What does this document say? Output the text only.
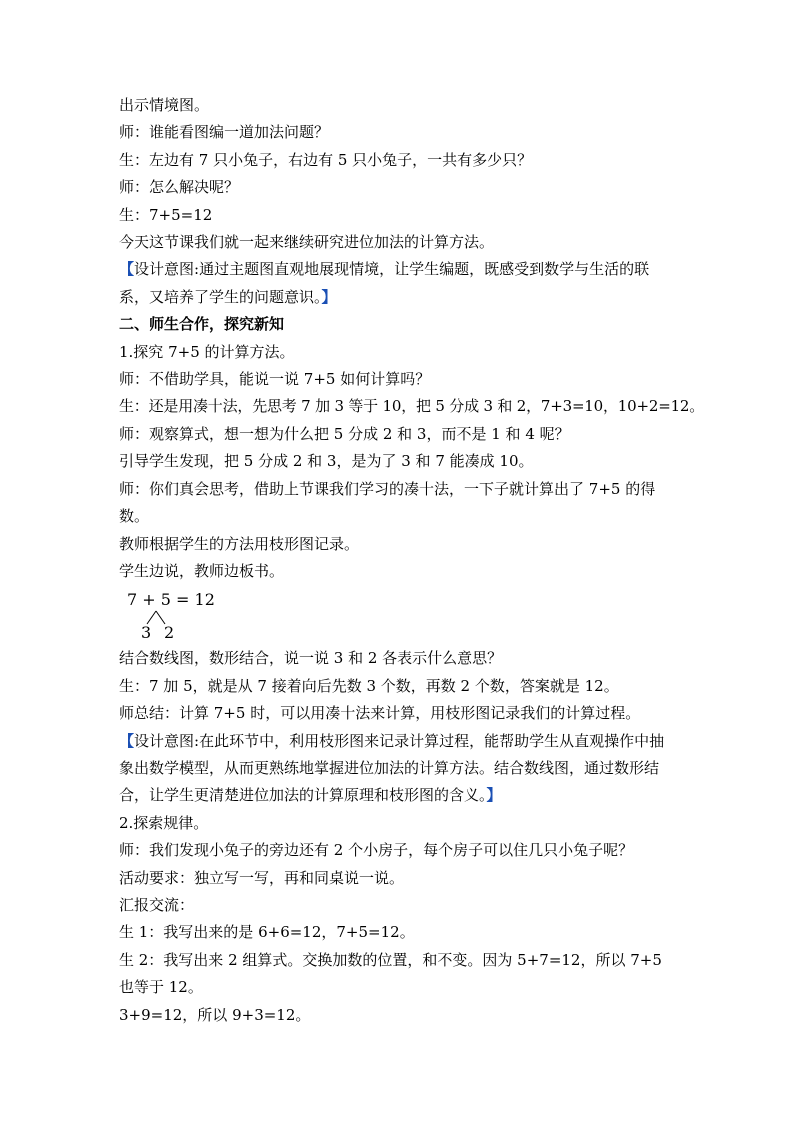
出示情境图。
师：谁能看图编一道加法问题？
生：左边有 7 只小兔子，右边有 5 只小兔子，一共有多少只？
师：怎么解决呢？
生：7+5=12
今天这节课我们就一起来继续研究进位加法的计算方法。
【设计意图:通过主题图直观地展现情境，让学生编题，既感受到数学与生活的联系，又培养了学生的问题意识。】
二、师生合作，探究新知
1.探究 7+5 的计算方法。
师：不借助学具，能说一说 7+5 如何计算吗？
生：还是用凑十法，先思考 7 加 3 等于 10，把 5 分成 3 和 2，7+3=10，10+2=12。
师：观察算式，想一想为什么把 5 分成 2 和 3，而不是 1 和 4 呢？
引导学生发现，把 5 分成 2 和 3，是为了 3 和 7 能凑成 10。
师：你们真会思考，借助上节课我们学习的凑十法，一下子就计算出了 7+5 的得数。
教师根据学生的方法用枝形图记录。
学生边说，教师边板书。
7 + 5 = 12
3 2
结合数线图，数形结合，说一说 3 和 2 各表示什么意思？
生：7 加 5，就是从 7 接着向后先数 3 个数，再数 2 个数，答案就是 12。
师总结：计算 7+5 时，可以用凑十法来计算，用枝形图记录我们的计算过程。
【设计意图:在此环节中，利用枝形图来记录计算过程，能帮助学生从直观操作中抽象出数学模型，从而更熟练地掌握进位加法的计算方法。结合数线图，通过数形结合，让学生更清楚进位加法的计算原理和枝形图的含义。】
2.探索规律。
师：我们发现小兔子的旁边还有 2 个小房子，每个房子可以住几只小兔子呢？
活动要求：独立写一写，再和同桌说一说。
汇报交流：
生 1：我写出来的是 6+6=12，7+5=12。
生 2：我写出来 2 组算式。交换加数的位置，和不变。因为 5+7=12，所以 7+5 也等于 12。
3+9=12，所以 9+3=12。
